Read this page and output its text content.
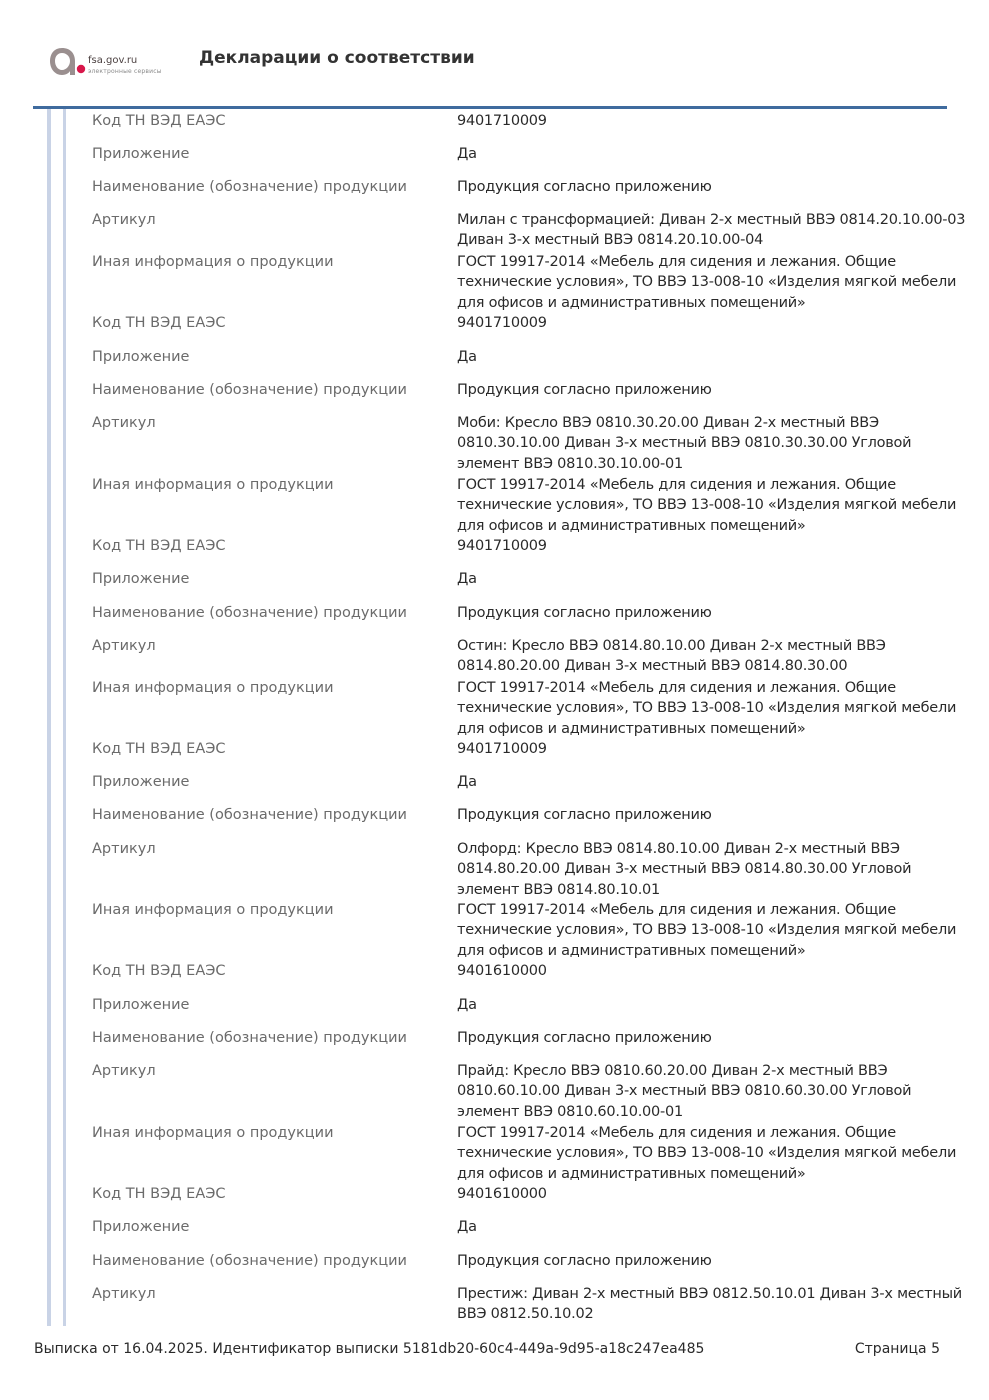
fsa.gov.ru
электронные сервисы
Декларации о соответствии
Код ТН ВЭД ЕАЭС	9401710009
Приложение	Да
Наименование (обозначение) продукции	Продукция согласно приложению
Артикул	Милан с трансформацией: Диван 2-х местный ВВЭ 0814.20.10.00-03 Диван 3-х местный ВВЭ 0814.20.10.00-04
Иная информация о продукции	ГОСТ 19917-2014 «Мебель для сидения и лежания. Общие технические условия», ТО ВВЭ 13-008-10 «Изделия мягкой мебели для офисов и административных помещений»
Код ТН ВЭД ЕАЭС	9401710009
Приложение	Да
Наименование (обозначение) продукции	Продукция согласно приложению
Артикул	Моби: Кресло ВВЭ 0810.30.20.00 Диван 2-х местный ВВЭ 0810.30.10.00 Диван 3-х местный ВВЭ 0810.30.30.00 Угловой элемент ВВЭ 0810.30.10.00-01
Иная информация о продукции	ГОСТ 19917-2014 «Мебель для сидения и лежания. Общие технические условия», ТО ВВЭ 13-008-10 «Изделия мягкой мебели для офисов и административных помещений»
Код ТН ВЭД ЕАЭС	9401710009
Приложение	Да
Наименование (обозначение) продукции	Продукция согласно приложению
Артикул	Остин: Кресло ВВЭ 0814.80.10.00 Диван 2-х местный ВВЭ 0814.80.20.00 Диван 3-х местный ВВЭ 0814.80.30.00
Иная информация о продукции	ГОСТ 19917-2014 «Мебель для сидения и лежания. Общие технические условия», ТО ВВЭ 13-008-10 «Изделия мягкой мебели для офисов и административных помещений»
Код ТН ВЭД ЕАЭС	9401710009
Приложение	Да
Наименование (обозначение) продукции	Продукция согласно приложению
Артикул	Олфорд: Кресло ВВЭ 0814.80.10.00 Диван 2-х местный ВВЭ 0814.80.20.00 Диван 3-х местный ВВЭ 0814.80.30.00 Угловой элемент ВВЭ 0814.80.10.01
Иная информация о продукции	ГОСТ 19917-2014 «Мебель для сидения и лежания. Общие технические условия», ТО ВВЭ 13-008-10 «Изделия мягкой мебели для офисов и административных помещений»
Код ТН ВЭД ЕАЭС	9401610000
Приложение	Да
Наименование (обозначение) продукции	Продукция согласно приложению
Артикул	Прайд: Кресло ВВЭ 0810.60.20.00 Диван 2-х местный ВВЭ 0810.60.10.00 Диван 3-х местный ВВЭ 0810.60.30.00 Угловой элемент ВВЭ 0810.60.10.00-01
Иная информация о продукции	ГОСТ 19917-2014 «Мебель для сидения и лежания. Общие технические условия», ТО ВВЭ 13-008-10 «Изделия мягкой мебели для офисов и административных помещений»
Код ТН ВЭД ЕАЭС	9401610000
Приложение	Да
Наименование (обозначение) продукции	Продукция согласно приложению
Артикул	Престиж: Диван 2-х местный ВВЭ 0812.50.10.01 Диван 3-х местный ВВЭ 0812.50.10.02
Выписка от 16.04.2025. Идентификатор выписки 5181db20-60c4-449a-9d95-a18c247ea485	Страница 5
